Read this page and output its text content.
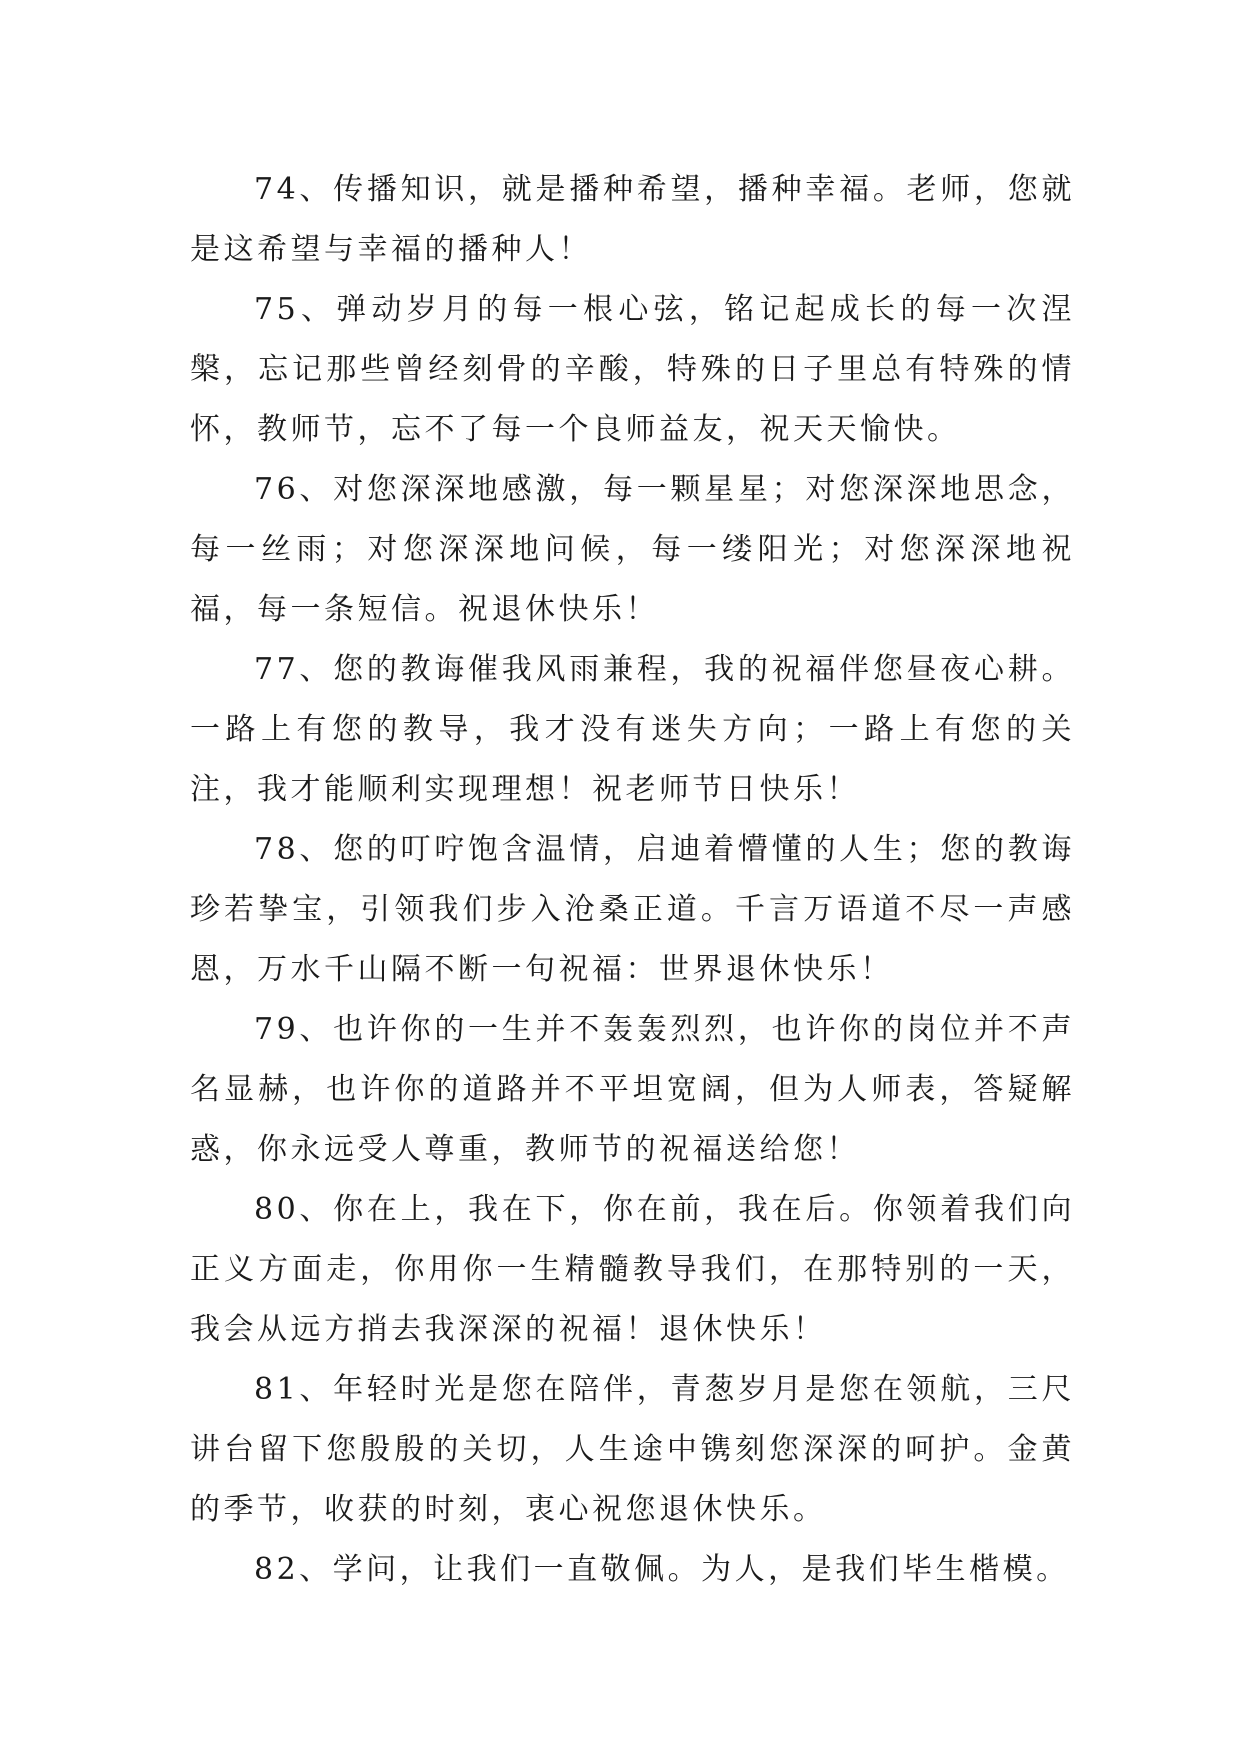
74、传播知识，就是播种希望，播种幸福。老师，您就是这希望与幸福的播种人！

75、弹动岁月的每一根心弦，铭记起成长的每一次涅槃，忘记那些曾经刻骨的辛酸，特殊的日子里总有特殊的情怀，教师节，忘不了每一个良师益友，祝天天愉快。

76、对您深深地感激，每一颗星星；对您深深地思念，每一丝雨；对您深深地问候，每一缕阳光；对您深深地祝福，每一条短信。祝退休快乐！

77、您的教诲催我风雨兼程，我的祝福伴您昼夜心耕。一路上有您的教导，我才没有迷失方向；一路上有您的关注，我才能顺利实现理想！祝老师节日快乐！

78、您的叮咛饱含温情，启迪着懵懂的人生；您的教诲珍若挚宝，引领我们步入沧桑正道。千言万语道不尽一声感恩，万水千山隔不断一句祝福：世界退休快乐！

79、也许你的一生并不轰轰烈烈，也许你的岗位并不声名显赫，也许你的道路并不平坦宽阔，但为人师表，答疑解惑，你永远受人尊重，教师节的祝福送给您！

80、你在上，我在下，你在前，我在后。你领着我们向正义方面走，你用你一生精髓教导我们，在那特别的一天，我会从远方捎去我深深的祝福！退休快乐！

81、年轻时光是您在陪伴，青葱岁月是您在领航，三尺讲台留下您殷殷的关切，人生途中镌刻您深深的呵护。金黄的季节，收获的时刻，衷心祝您退休快乐。

82、学问，让我们一直敬佩。为人，是我们毕生楷模。
